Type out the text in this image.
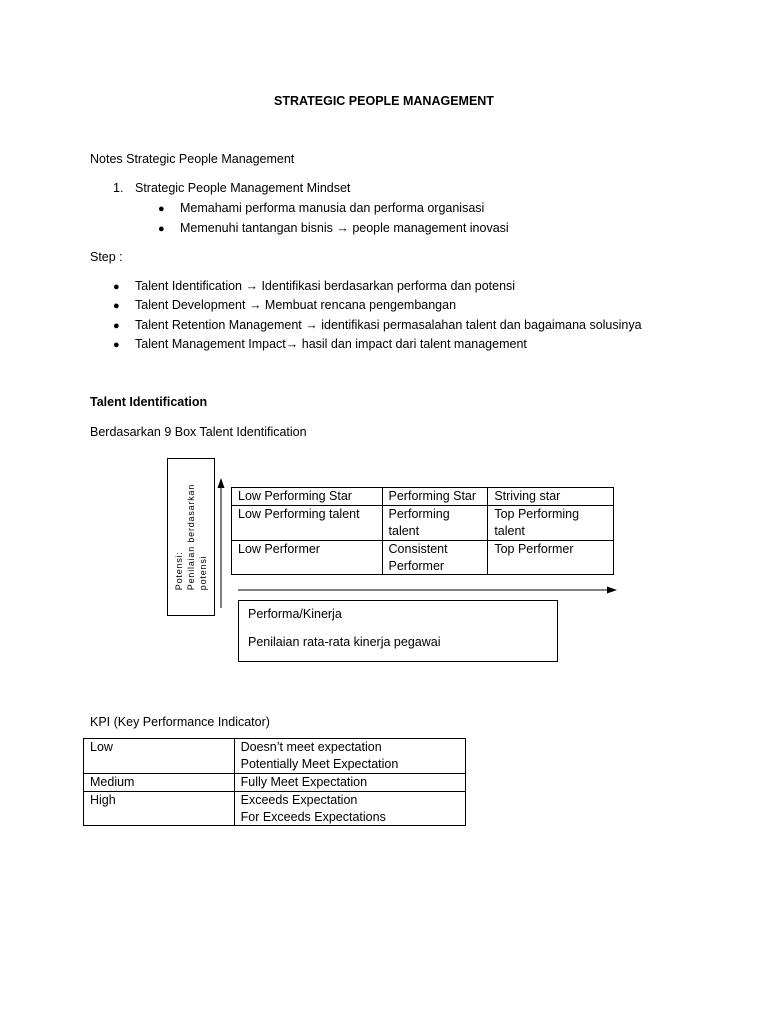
STRATEGIC PEOPLE MANAGEMENT
Notes Strategic People Management
1. Strategic People Management Mindset
●	Memahami performa manusia dan performa organisasi
●	Memenuhi tantangan bisnis → people management inovasi
Step :
●	Talent Identification → Identifikasi berdasarkan performa dan potensi
●	Talent Development → Membuat rencana pengembangan
●	Talent Retention Management → identifikasi permasalahan talent dan bagaimana solusinya
●	Talent Management Impact→ hasil dan impact dari talent management
Talent Identification
Berdasarkan 9 Box Talent Identification
Potensi: Penilaian berdasarkan potensi
Low Performing Star	Performing Star	Striving star
Low Performing talent	Performing talent	Top Performing talent
Low Performer	Consistent Performer	Top Performer
Performa/Kinerja
Penilaian rata-rata kinerja pegawai
KPI (Key Performance Indicator)
Low	Doesn’t meet expectation
Potentially Meet Expectation

Medium	Fully Meet Expectation

High	Exceeds Expectation
For Exceeds Expectations
